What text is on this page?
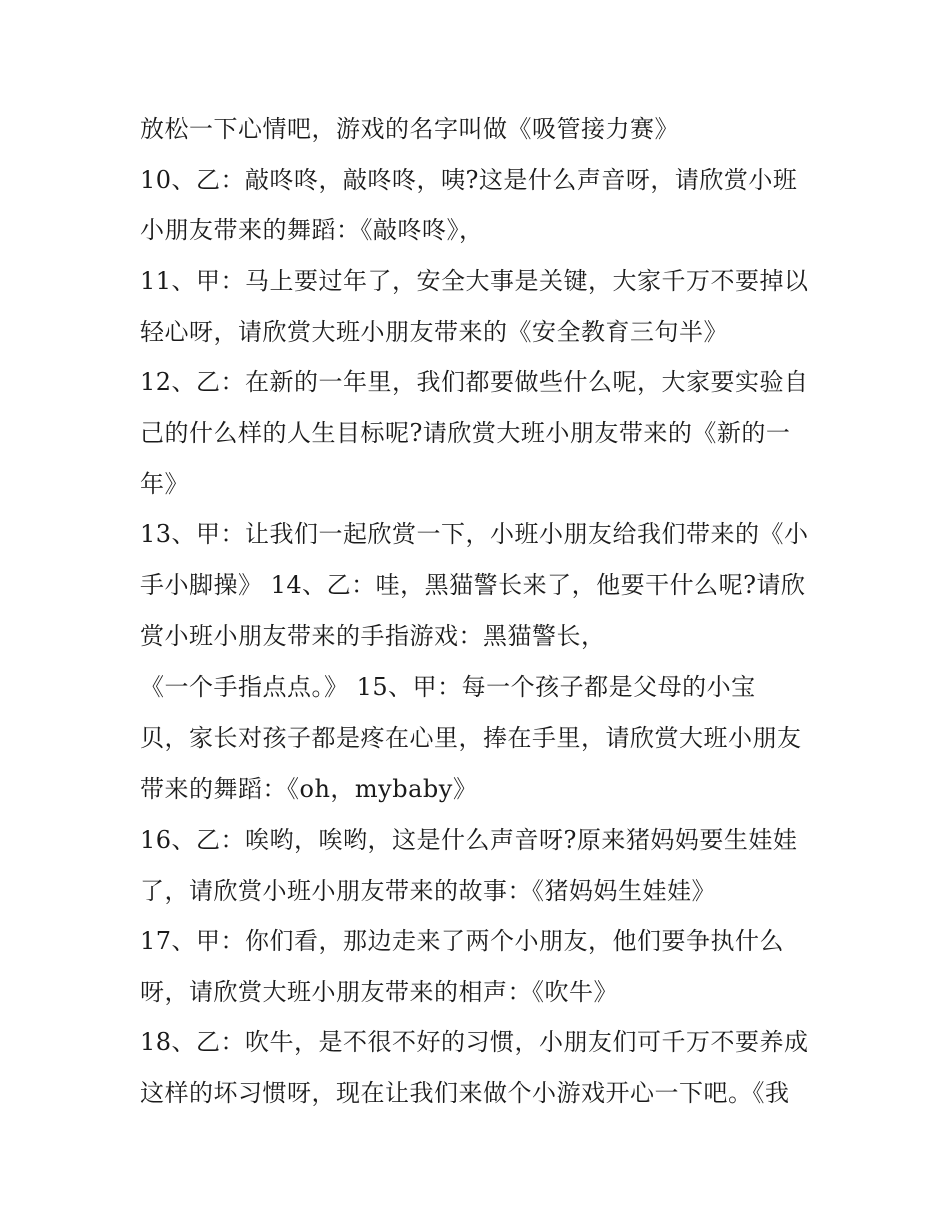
放松一下心情吧，游戏的名字叫做《吸管接力赛》

10、乙：敲咚咚，敲咚咚，咦?这是什么声音呀，请欣赏小班

小朋友带来的舞蹈：《敲咚咚》，

11、甲：马上要过年了，安全大事是关键，大家千万不要掉以

轻心呀，请欣赏大班小朋友带来的《安全教育三句半》

12、乙：在新的一年里，我们都要做些什么呢，大家要实验自

己的什么样的人生目标呢?请欣赏大班小朋友带来的《新的一

年》

13、甲：让我们一起欣赏一下，小班小朋友给我们带来的《小

手小脚操》 14、乙：哇，黑猫警长来了，他要干什么呢?请欣

赏小班小朋友带来的手指游戏：黑猫警长，

《一个手指点点。》 15、甲：每一个孩子都是父母的小宝

贝，家长对孩子都是疼在心里，捧在手里，请欣赏大班小朋友

带来的舞蹈：《oh，mybaby》

16、乙：唉哟，唉哟，这是什么声音呀?原来猪妈妈要生娃娃

了，请欣赏小班小朋友带来的故事：《猪妈妈生娃娃》

17、甲：你们看，那边走来了两个小朋友，他们要争执什么

呀，请欣赏大班小朋友带来的相声：《吹牛》

18、乙：吹牛，是不很不好的习惯，小朋友们可千万不要养成

这样的坏习惯呀，现在让我们来做个小游戏开心一下吧。《我
